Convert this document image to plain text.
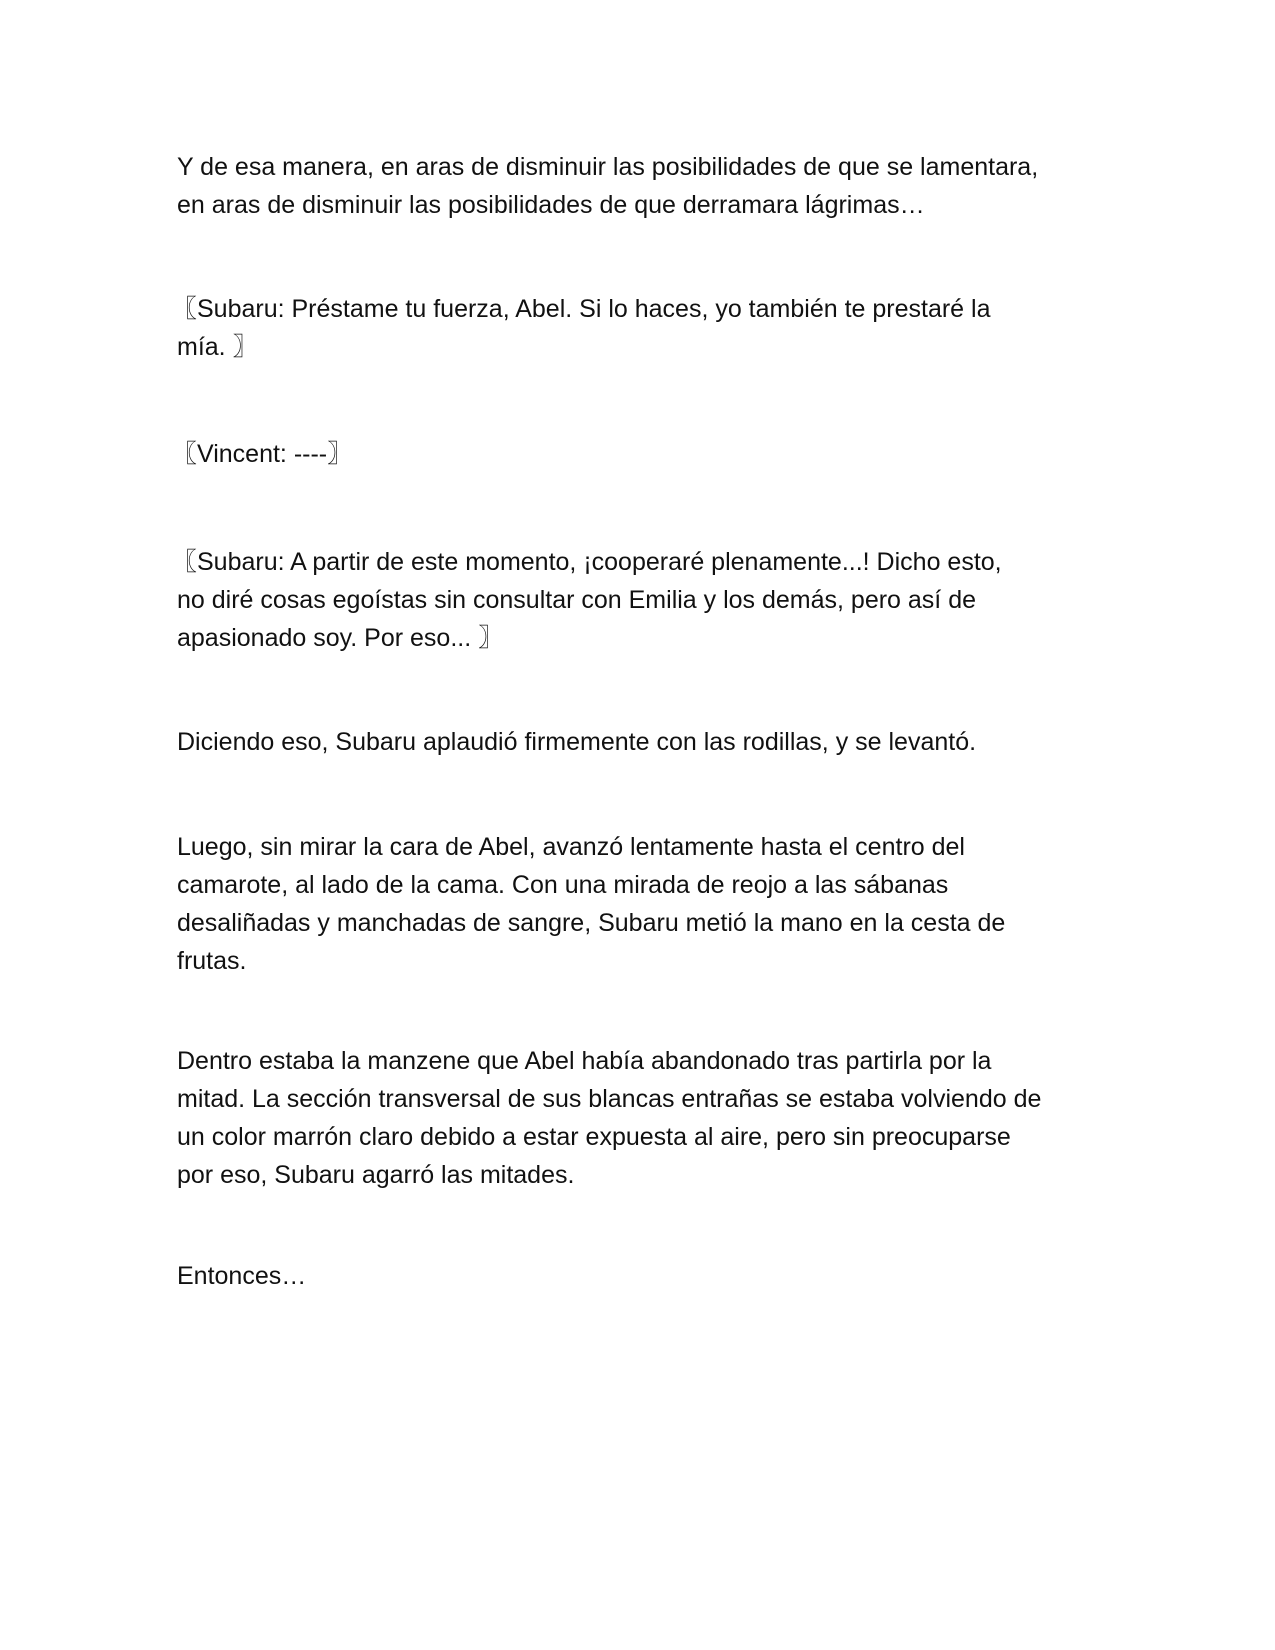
Y de esa manera, en aras de disminuir las posibilidades de que se lamentara,
en aras de disminuir las posibilidades de que derramara lágrimas…

〖Subaru: Préstame tu fuerza, Abel. Si lo haces, yo también te prestaré la
mía. 〗

〖Vincent: ----〗

〖Subaru: A partir de este momento, ¡cooperaré plenamente...! Dicho esto,
no diré cosas egoístas sin consultar con Emilia y los demás, pero así de
apasionado soy. Por eso... 〗

Diciendo eso, Subaru aplaudió firmemente con las rodillas, y se levantó.

Luego, sin mirar la cara de Abel, avanzó lentamente hasta el centro del
camarote, al lado de la cama. Con una mirada de reojo a las sábanas
desaliñadas y manchadas de sangre, Subaru metió la mano en la cesta de
frutas.

Dentro estaba la manzene que Abel había abandonado tras partirla por la
mitad. La sección transversal de sus blancas entrañas se estaba volviendo de
un color marrón claro debido a estar expuesta al aire, pero sin preocuparse
por eso, Subaru agarró las mitades.

Entonces…
